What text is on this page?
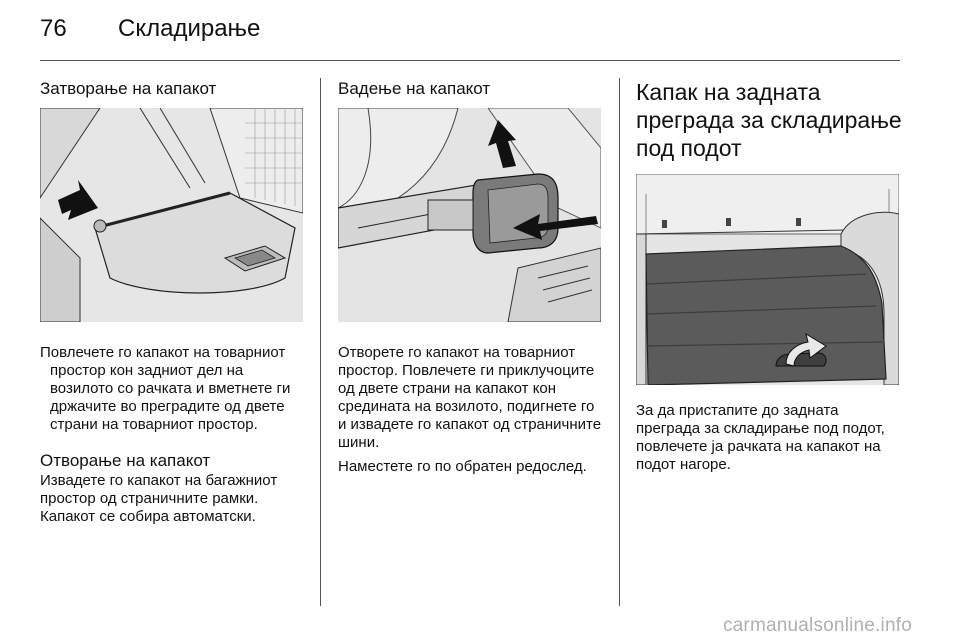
76 Складирање
Затворање на капакот

Повлечете го капакот на товарниот простор кон задниот дел на возилото со рачката и вметнете ги држачите во преградите од двете страни на товарниот простор.

Отворање на капакот

Извадете го капакот на багажниот простор од страничните рамки. Капакот се собира автоматски.

Вадење на капакот

Отворете го капакот на товарниот простор. Повлечете ги приклучоците од двете страни на капакот кон средината на возилото, подигнете го и извадете го капакот од страничните шини.

Наместете го по обратен редослед.

Капак на задната преграда за складирање под подот

За да пристапите до задната преграда за складирање под подот, повлечете ја рачката на капакот на подот нагоре.

carmanualsonline.info
